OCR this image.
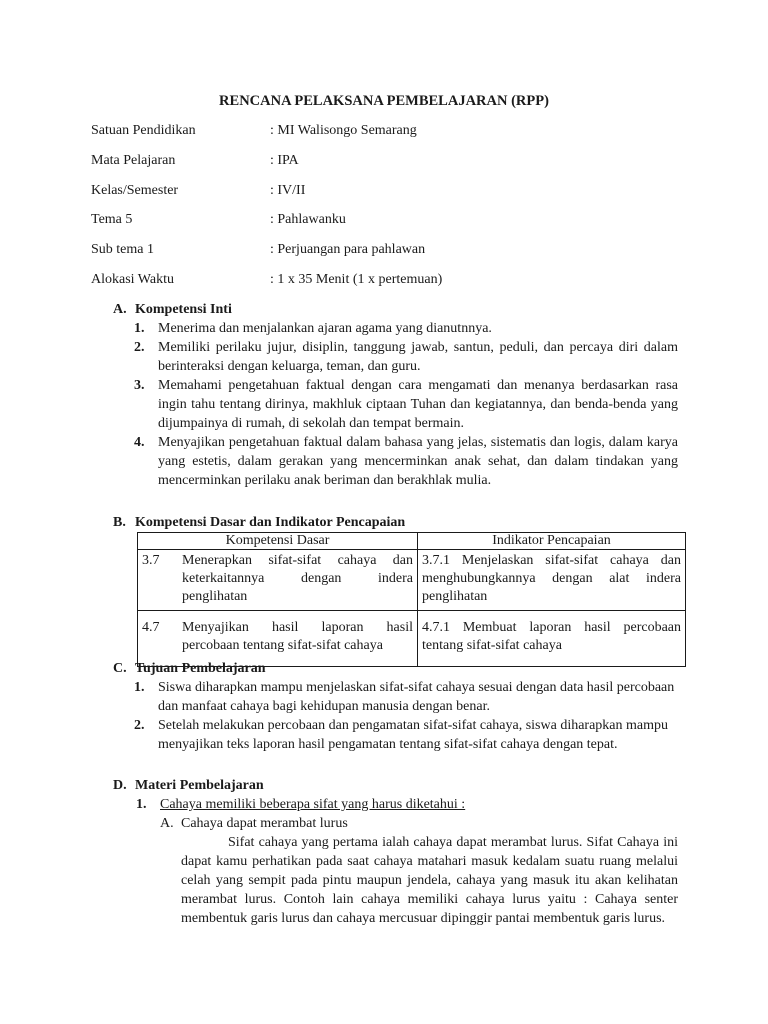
RENCANA PELAKSANA PEMBELAJARAN (RPP)
Satuan Pendidikan	: MI Walisongo Semarang
Mata Pelajaran	: IPA
Kelas/Semester	: IV/II
Tema 5	: Pahlawanku
Sub tema 1	: Perjuangan para pahlawan
Alokasi Waktu	: 1 x 35 Menit (1 x pertemuan)
A. Kompetensi Inti
1. Menerima dan menjalankan ajaran agama yang dianutnnya.
2. Memiliki perilaku jujur, disiplin, tanggung jawab, santun, peduli, dan percaya diri dalam berinteraksi dengan keluarga, teman, dan guru.
3. Memahami pengetahuan faktual dengan cara mengamati dan menanya berdasarkan rasa ingin tahu tentang dirinya, makhluk ciptaan Tuhan dan kegiatannya, dan benda-benda yang dijumpainya di rumah, di sekolah dan tempat bermain.
4. Menyajikan pengetahuan faktual dalam bahasa yang jelas, sistematis dan logis, dalam karya yang estetis, dalam gerakan yang mencerminkan anak sehat, dan dalam tindakan yang mencerminkan perilaku anak beriman dan berakhlak mulia.
B. Kompetensi Dasar dan Indikator Pencapaian
Kompetensi Dasar	Indikator Pencapaian

3.7 Menerapkan sifat-sifat cahaya dan keterkaitannya dengan indera penglihatan	3.7.1 Menjelaskan sifat-sifat cahaya dan menghubungkannya dengan alat indera penglihatan

4.7 Menyajikan hasil laporan hasil percobaan tentang sifat-sifat cahaya	4.7.1 Membuat laporan hasil percobaan tentang sifat-sifat cahaya
C. Tujuan Pembelajaran
1. Siswa diharapkan mampu menjelaskan sifat-sifat cahaya sesuai dengan data hasil percobaan dan manfaat cahaya bagi kehidupan manusia dengan benar.
2. Setelah melakukan percobaan dan pengamatan sifat-sifat cahaya, siswa diharapkan mampu menyajikan teks laporan hasil pengamatan tentang sifat-sifat cahaya dengan tepat.
D. Materi Pembelajaran
1. Cahaya memiliki beberapa sifat yang harus diketahui :
A. Cahaya dapat merambat lurus
Sifat cahaya yang pertama ialah cahaya dapat merambat lurus. Sifat Cahaya ini dapat kamu perhatikan pada saat cahaya matahari masuk kedalam suatu ruang melalui celah yang sempit pada pintu maupun jendela, cahaya yang masuk itu akan kelihatan merambat lurus. Contoh lain cahaya memiliki cahaya lurus yaitu : Cahaya senter membentuk garis lurus dan cahaya mercusuar dipinggir pantai membentuk garis lurus.
